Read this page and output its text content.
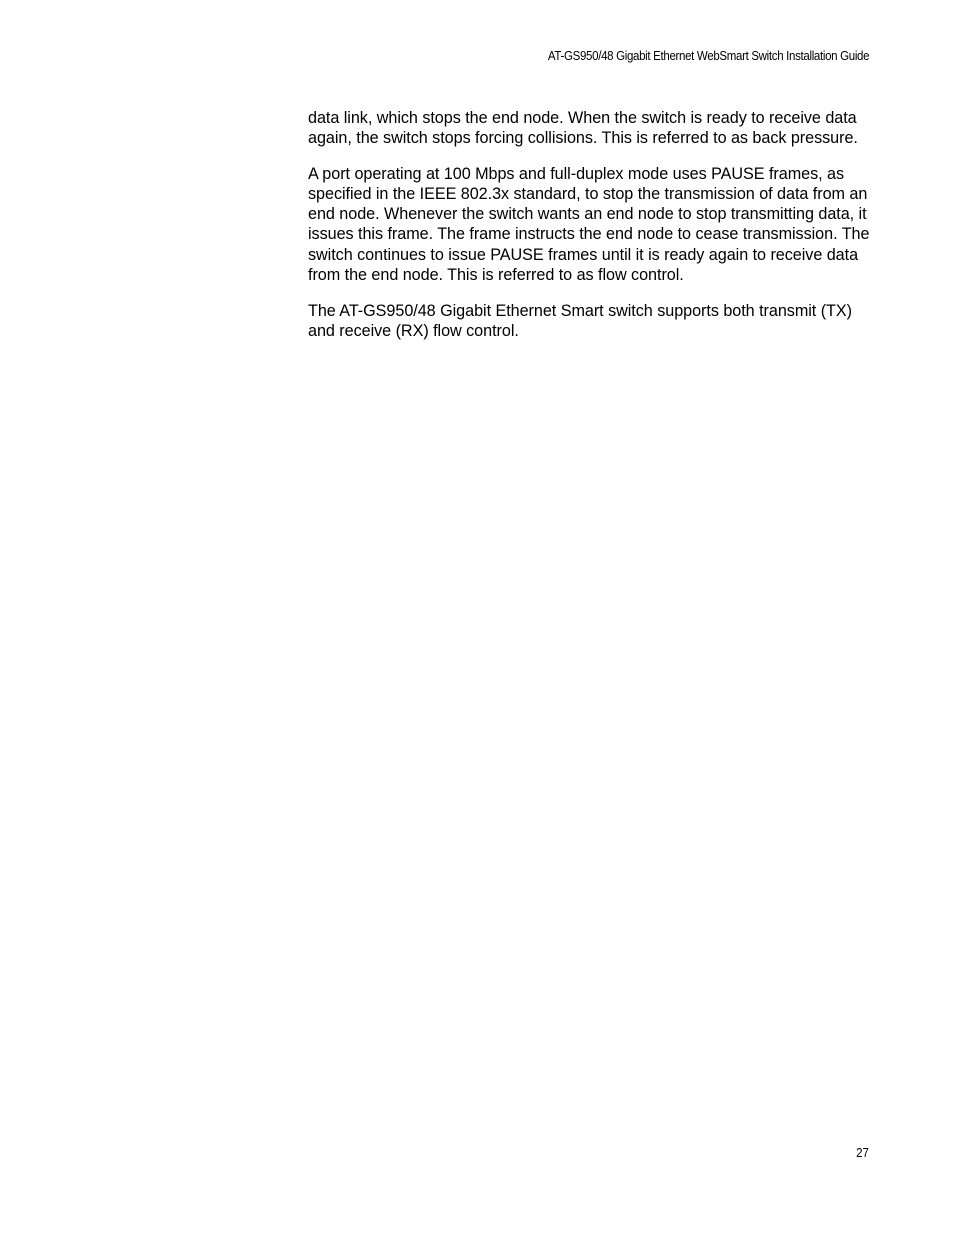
AT-GS950/48 Gigabit Ethernet WebSmart Switch Installation Guide

data link, which stops the end node. When the switch is ready to receive data again, the switch stops forcing collisions. This is referred to as back pressure.

A port operating at 100 Mbps and full-duplex mode uses PAUSE frames, as specified in the IEEE 802.3x standard, to stop the transmission of data from an end node. Whenever the switch wants an end node to stop transmitting data, it issues this frame. The frame instructs the end node to cease transmission. The switch continues to issue PAUSE frames until it is ready again to receive data from the end node. This is referred to as flow control.

The AT-GS950/48 Gigabit Ethernet Smart switch supports both transmit (TX) and receive (RX) flow control.

27
